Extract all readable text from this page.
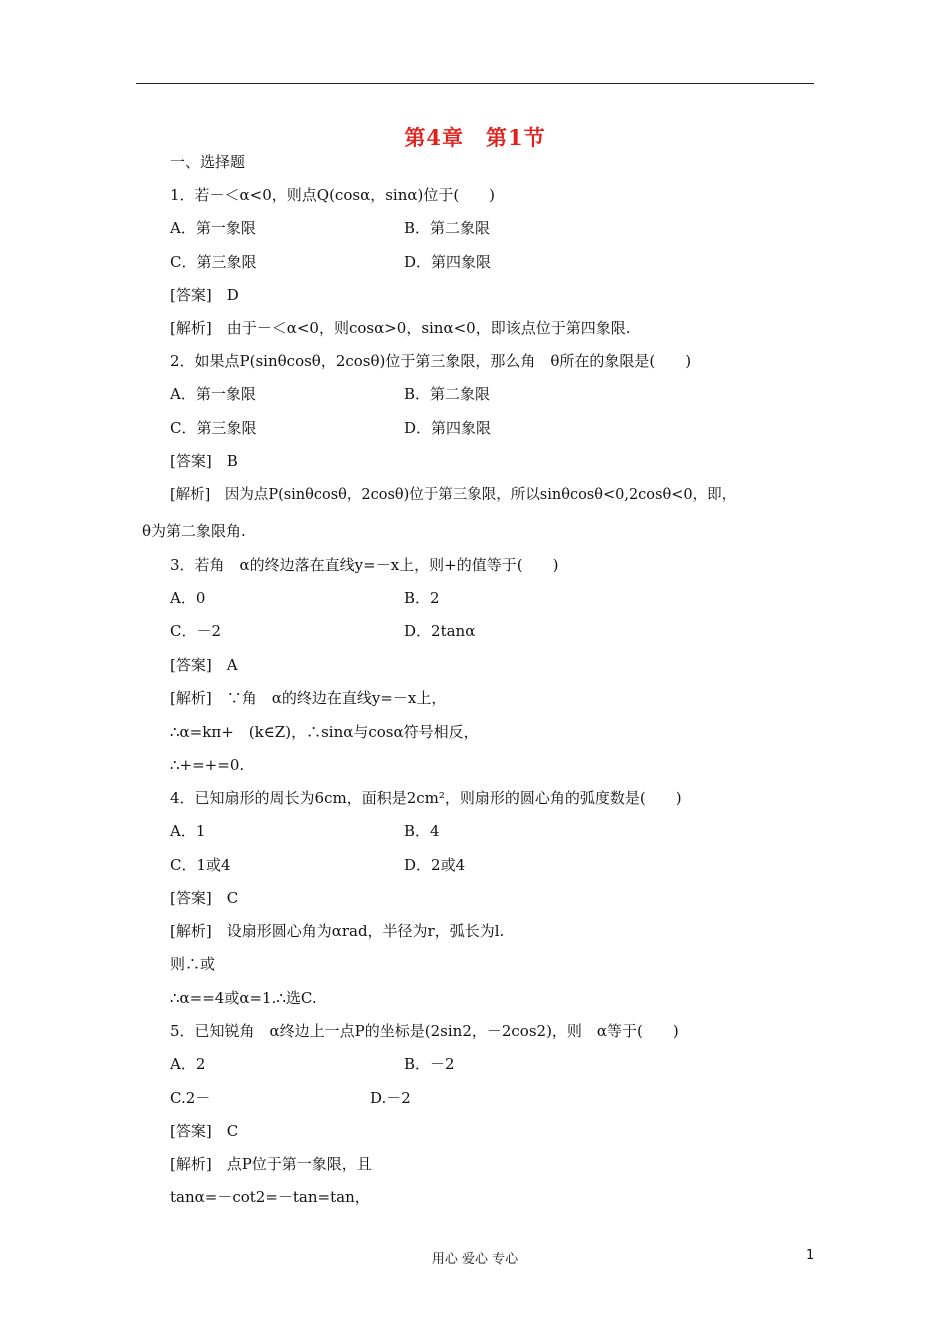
第4章 第1节
一、选择题
1．若－＜α<0，则点Q(cosα，sinα)位于(　　)
A．第一象限	B．第二象限
C．第三象限	D．第四象限
[答案]　D
[解析]　由于－＜α<0，则cosα>0，sinα<0，即该点位于第四象限.
2．如果点P(sinθcosθ，2cosθ)位于第三象限，那么角　θ所在的象限是(　　)
A．第一象限	B．第二象限
C．第三象限	D．第四象限
[答案]　B
[解析]　因为点P(sinθcosθ，2cosθ)位于第三象限，所以sinθcosθ<0,2cosθ<0，即，
θ为第二象限角.
3．若角　α的终边落在直线y=－x上，则+的值等于(　　)
A．0	B．2
C．－2	D．2tanα
[答案]　A
[解析]　∵角　α的终边在直线y=－x上，
∴α=kπ+　(k∈Z)，∴sinα与cosα符号相反，
∴+=+=0.
4．已知扇形的周长为6cm，面积是2cm²，则扇形的圆心角的弧度数是(　　)
A．1	B．4
C．1或4	D．2或4
[答案]　C
[解析]　设扇形圆心角为αrad，半径为r，弧长为l.
则∴或
∴α==4或α=1.∴选C.
5．已知锐角　α终边上一点P的坐标是(2sin2，－2cos2)，则　α等于(　　)
A．2	B．－2
C.2－	D.－2
[答案]　C
[解析]　点P位于第一象限，且
tanα=－cot2=－tan=tan，
用心 爱心 专心	1
